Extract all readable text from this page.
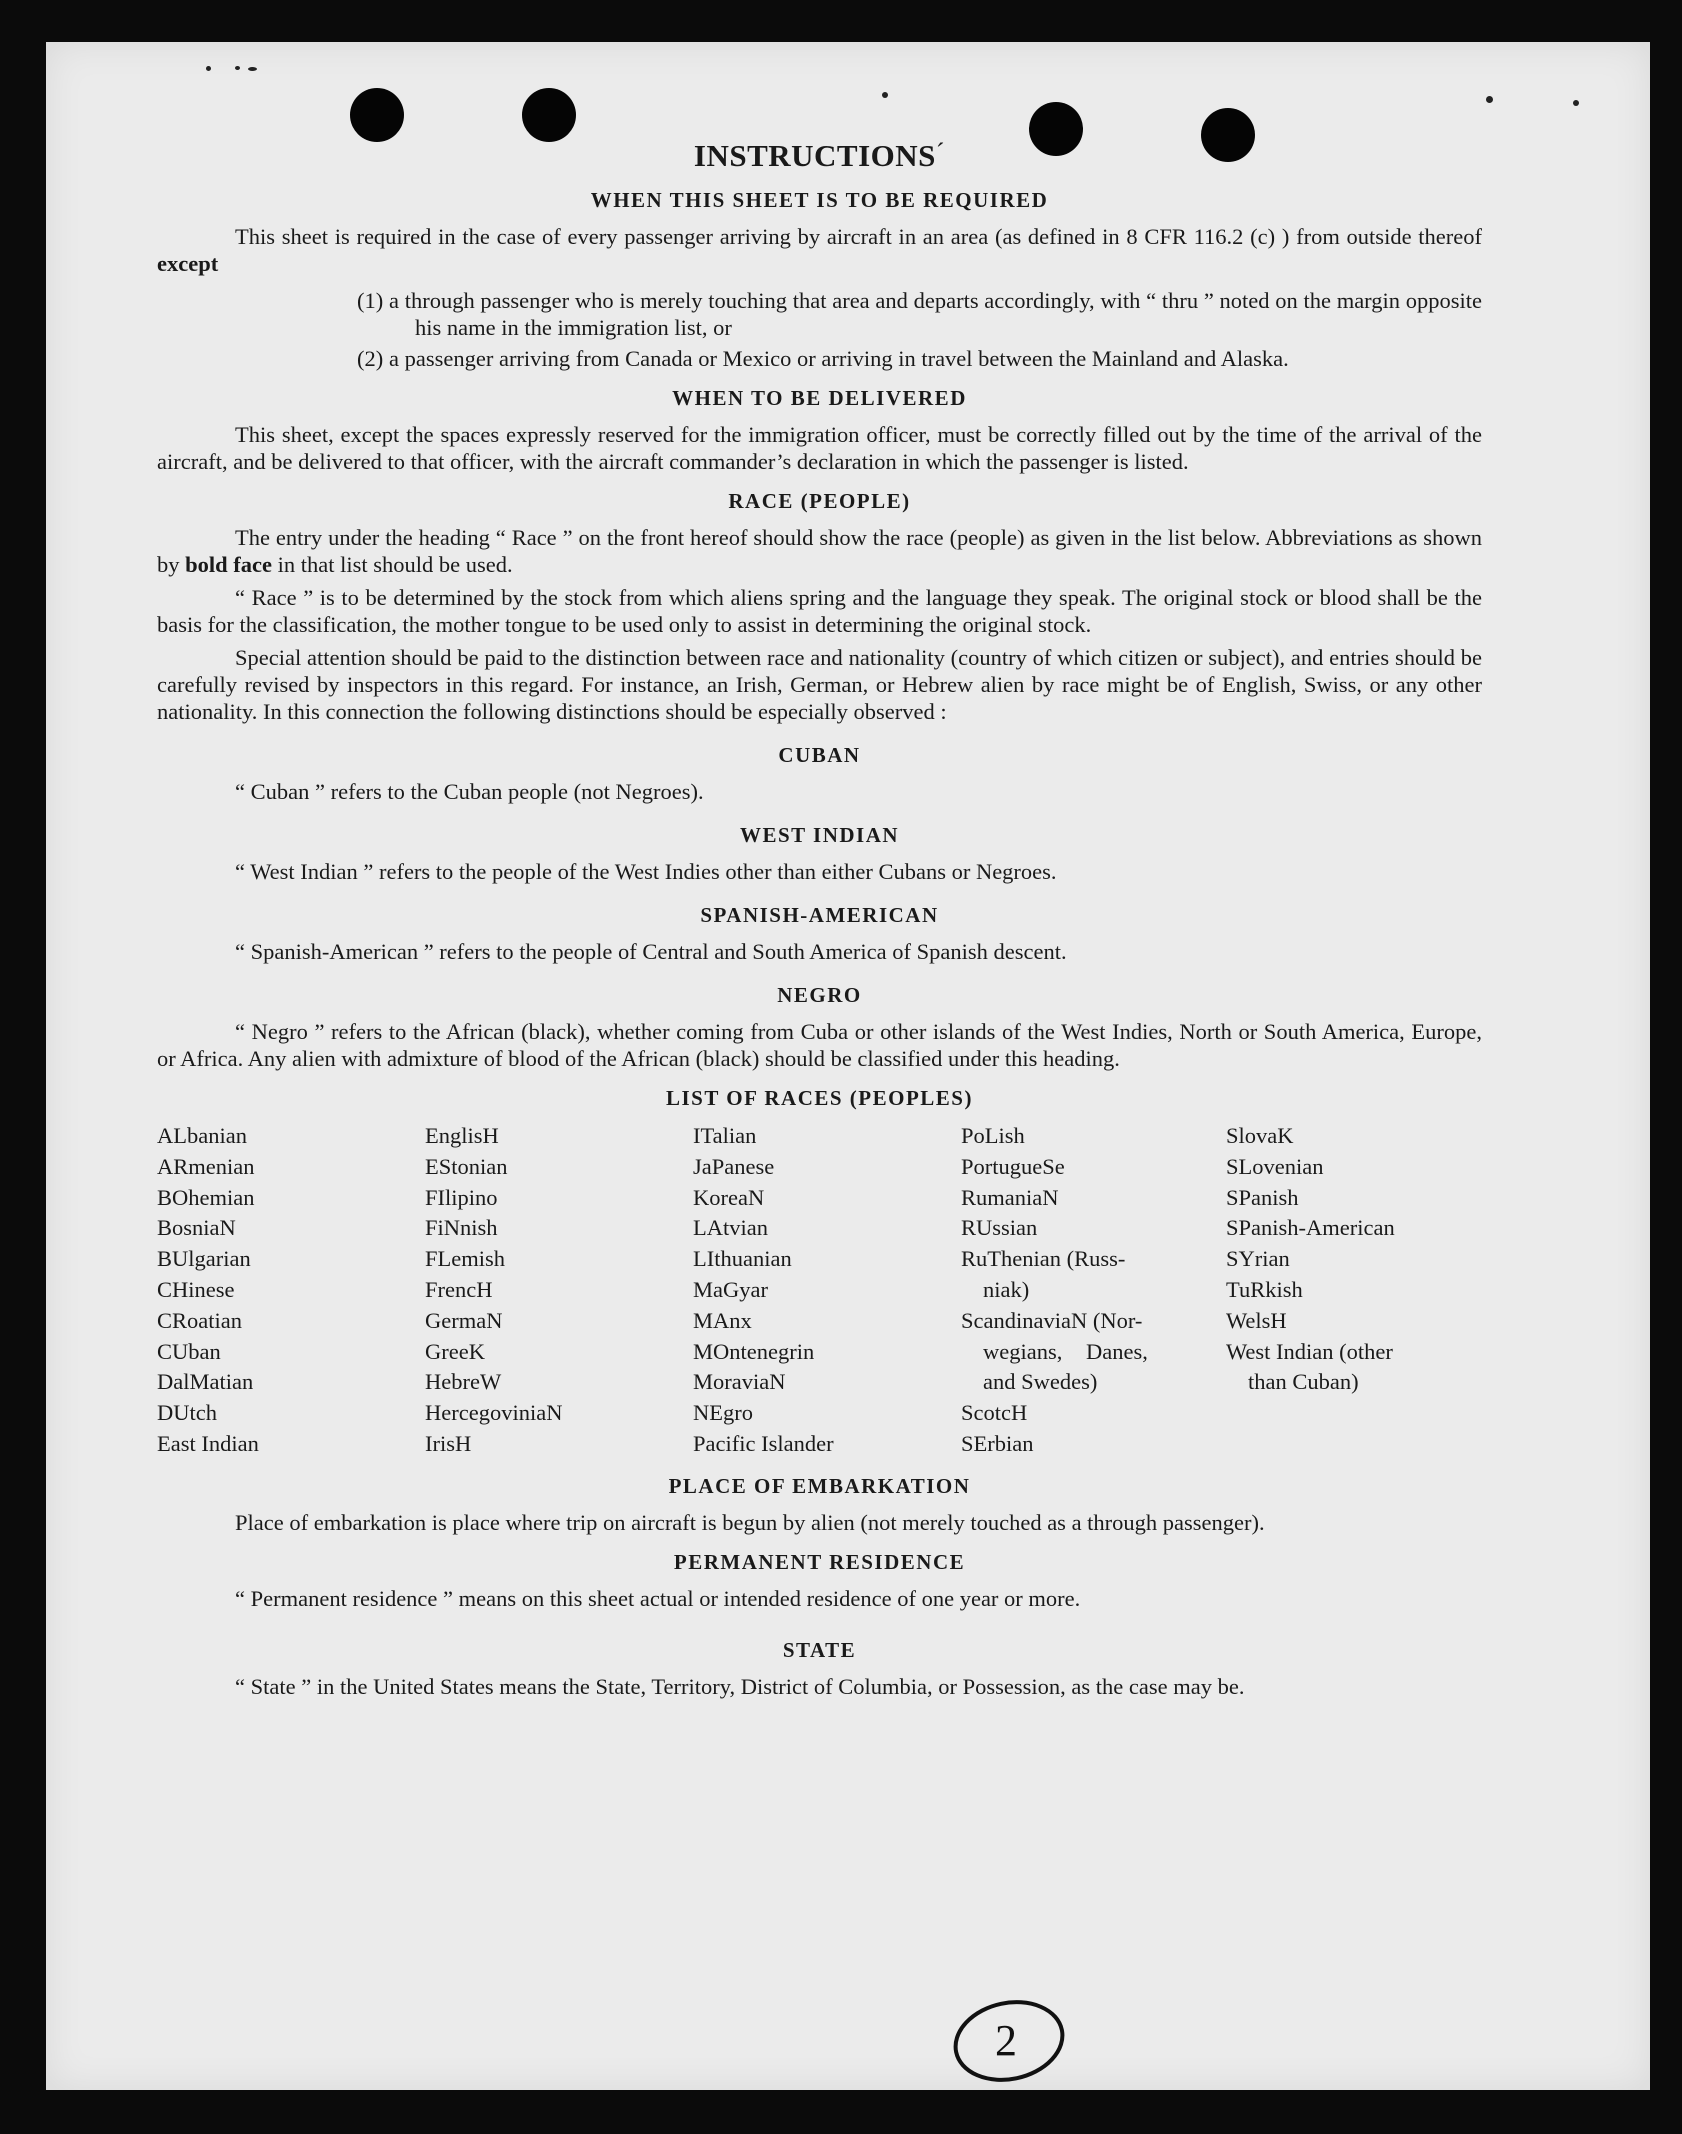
2
INSTRUCTIONS´
WHEN THIS SHEET IS TO BE REQUIRED

This sheet is required in the case of every passenger arriving by aircraft in an area (as defined in 8 CFR 116.2 (c) ) from outside thereof except

(1) a through passenger who is merely touching that area and departs accordingly, with “ thru ” noted on the margin opposite his name in the immigration list, or
(2) a passenger arriving from Canada or Mexico or arriving in travel between the Mainland and Alaska.
WHEN TO BE DELIVERED

This sheet, except the spaces expressly reserved for the immigration officer, must be correctly filled out by the time of the arrival of the aircraft, and be delivered to that officer, with the aircraft commander’s declaration in which the passenger is listed.

RACE (PEOPLE)

The entry under the heading “ Race ” on the front hereof should show the race (people) as given in the list below. Abbreviations as shown by bold face in that list should be used.

“ Race ” is to be determined by the stock from which aliens spring and the language they speak. The original stock or blood shall be the basis for the classification, the mother tongue to be used only to assist in determining the original stock.

Special attention should be paid to the distinction between race and nationality (country of which citizen or subject), and entries should be carefully revised by inspectors in this regard. For instance, an Irish, German, or Hebrew alien by race might be of English, Swiss, or any other nationality. In this connection the following distinctions should be especially observed :

CUBAN

“ Cuban ” refers to the Cuban people (not Negroes).

WEST INDIAN

“ West Indian ” refers to the people of the West Indies other than either Cubans or Negroes.

SPANISH-AMERICAN

“ Spanish-American ” refers to the people of Central and South America of Spanish descent.

NEGRO

“ Negro ” refers to the African (black), whether coming from Cuba or other islands of the West Indies, North or South America, Europe, or Africa. Any alien with admixture of blood of the African (black) should be classified under this heading.

LIST OF RACES (PEOPLES)
ALbanian
ARmenian
BOhemian
BosniaN
BUlgarian
CHinese
CRoatian
CUban
DalMatian
DUtch
East Indian
EnglisH
EStonian
FIlipino
FiNnish
FLemish
FrencH
GermaN
GreeK
HebreW
HercegoviniaN
IrisH
ITalian
JaPanese
KoreaN
LAtvian
LIthuanian
MaGyar
MAnx
MOntenegrin
MoraviaN
NEgro
Pacific Islander
PoLish
PortugueSe
RumaniaN
RUssian
RuThenian (Russ-
niak)
ScandinaviaN (Nor-
wegians, Danes,
and Swedes)
ScotcH
SErbian
SlovaK
SLovenian
SPanish
SPanish-American
SYrian
TuRkish
WelsH
West Indian (other
than Cuban)
PLACE OF EMBARKATION

Place of embarkation is place where trip on aircraft is begun by alien (not merely touched as a through passenger).

PERMANENT RESIDENCE

“ Permanent residence ” means on this sheet actual or intended residence of one year or more.

STATE

“ State ” in the United States means the State, Territory, District of Columbia, or Possession, as the case may be.
